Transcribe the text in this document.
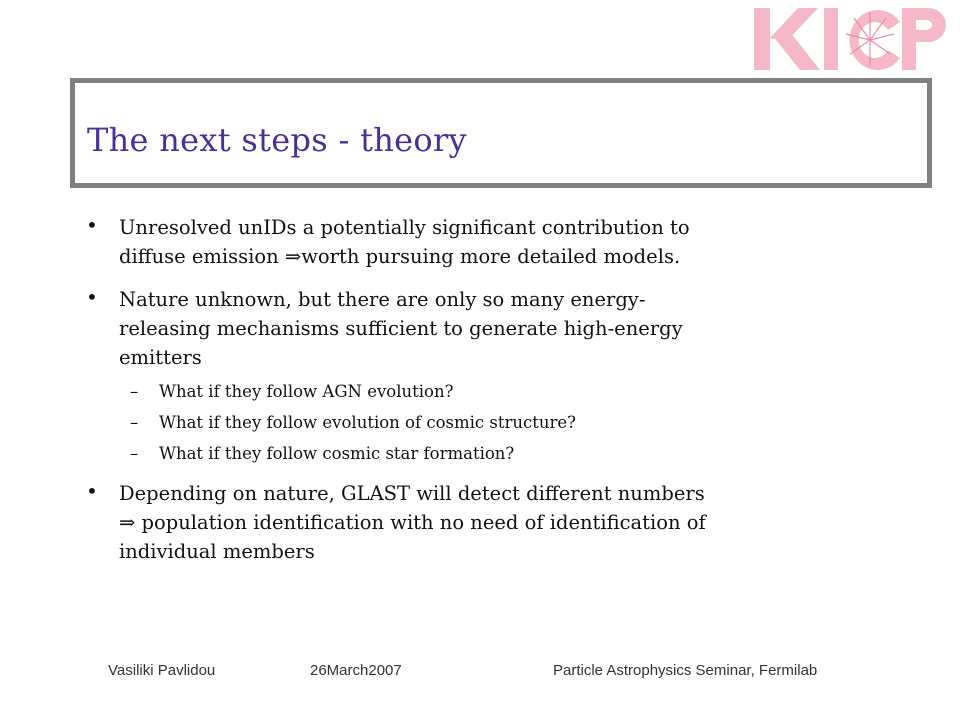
KICP
The next steps - theory
• Unresolved unIDs a potentially significant contribution to
diffuse emission ⇒worth pursuing more detailed models.
• Nature unknown, but there are only so many energy-
releasing mechanisms sufficient to generate high-energy
emitters
– What if they follow AGN evolution?
– What if they follow evolution of cosmic structure?
– What if they follow cosmic star formation?
• Depending on nature, GLAST will detect different numbers
⇒ population identification with no need of identification of
individual members
Vasiliki Pavlidou	26March2007	Particle Astrophysics Seminar, Fermilab
